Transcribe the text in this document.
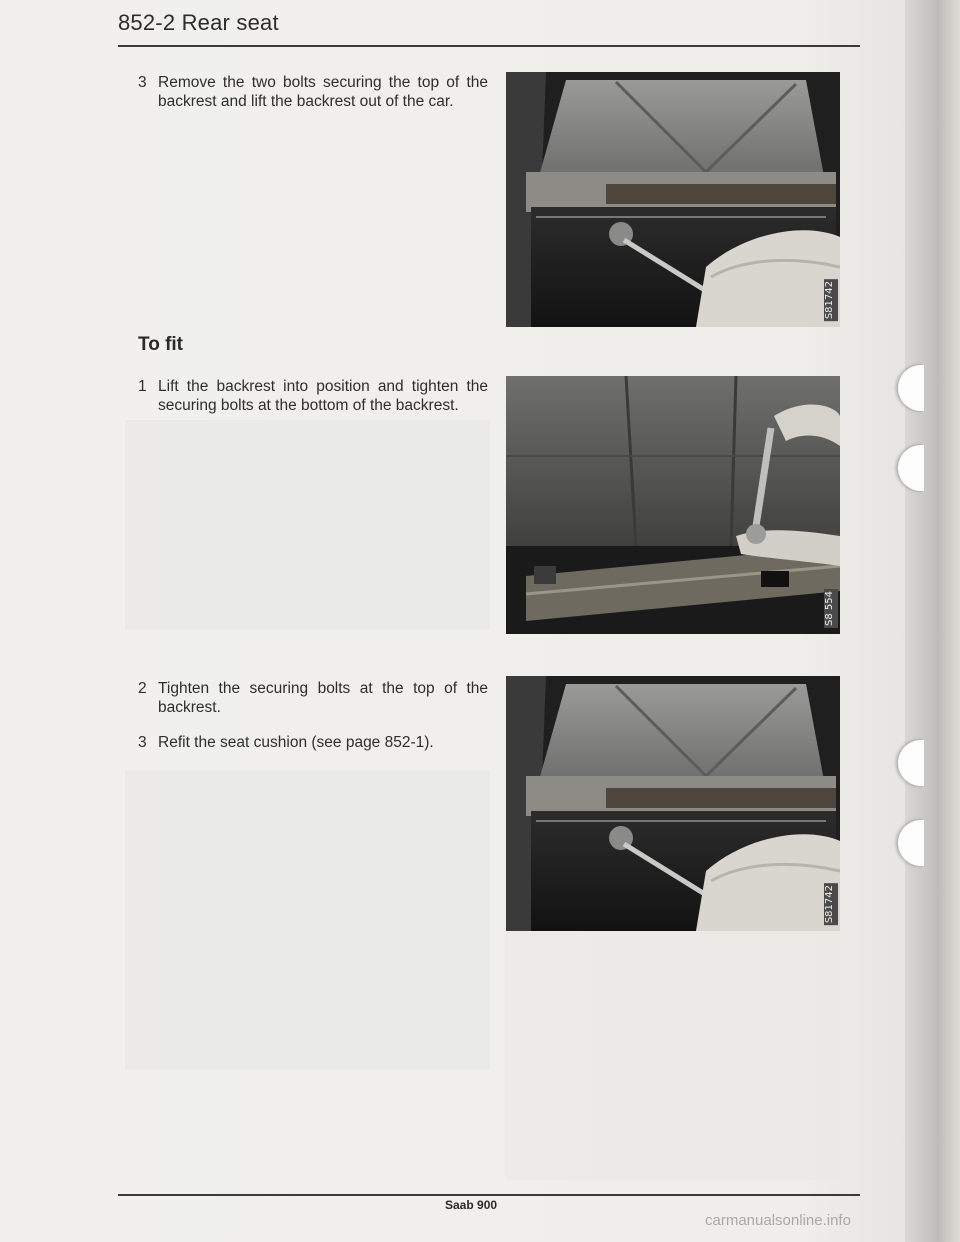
852-2 Rear seat
3 Remove the two bolts securing the top of the backrest and lift the backrest out of the car.
To fit
1 Lift the backrest into position and tighten the securing bolts at the bottom of the backrest.
2 Tighten the securing bolts at the top of the backrest.
3 Refit the seat cushion (see page 852-1).
S81742
S8 554
S81742
Saab 900
carmanualsonline.info
